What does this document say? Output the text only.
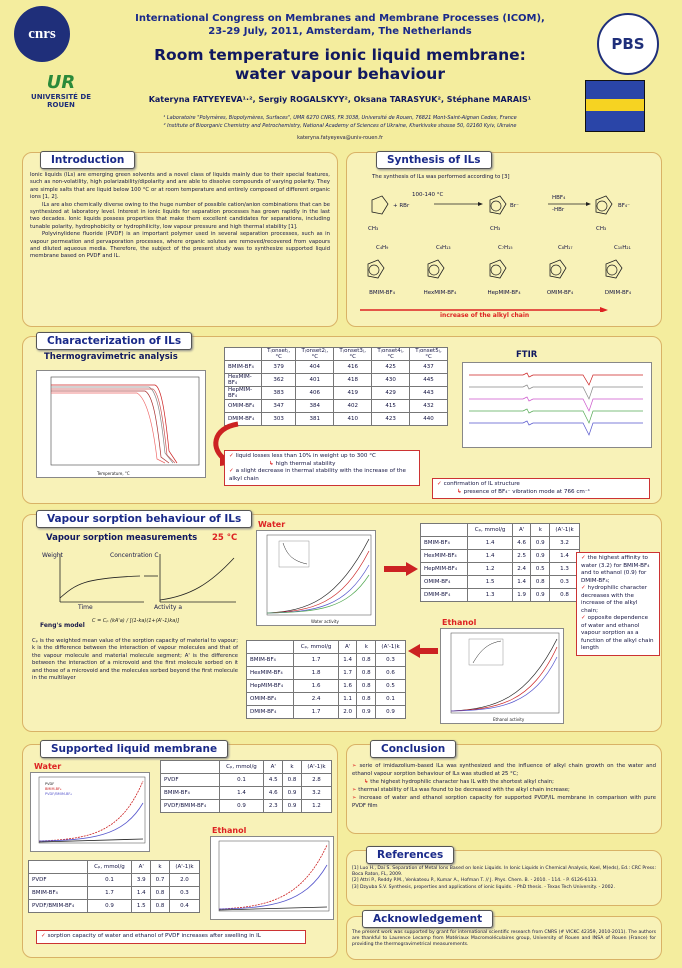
cnrs
PBS
UR
UNIVERSITÉ DE ROUEN
International Congress on Membranes and Membrane Processes (ICOM),
23-29 July, 2011, Amsterdam, The Netherlands
Room temperature ionic liquid membrane:
water vapour behaviour
Kateryna FATYEYEVA¹·², Sergiy ROGALSKYY², Oksana TARASYUK², Stéphane MARAIS¹
¹ Laboratoire "Polymères, Biopolymères, Surfaces", UMR 6270 CNRS, FR 3038, Université de Rouen, 76821 Mont-Saint-Aignan Cedex, France
² Institute of Bioorganic Chemistry and Petrochemistry, National Academy of Sciences of Ukraine, Kharkivske shosse 50, 02160 Kyiv, Ukraine
kateryna.fatyeyeva@univ-rouen.fr
Introduction

Ionic liquids (ILs) are emerging green solvents and a novel class of liquids mainly due to their special features, such as non-volatility, high polarizability/dipolarity and are able to dissolve compounds of varying polarity. They are simple salts that are liquid below 100 °C or at room temperature and entirely composed of different organic ions [1, 2].

ILs are also chemically diverse owing to the huge number of possible cation/anion combinations that can be synthesized at laboratory level. Interest in ionic liquids for separation processes has grown rapidly in the last two decades. Ionic liquids possess properties that make them excellent candidates for separations, including tunable polarity, hydrophobicity or hydrophilicity, low vapour pressure and high thermal stability [1].

Polyvinylidene fluoride (PVDF) is an important polymer used in several separation processes, such as in vapour permeation and pervaporation processes, where organic solutes are removed/recovered from vapours and diluted aqueous media. Therefore, the subject of the present study was to synthesize supported liquid membrane based on PVDF and IL.

Synthesis of ILs
The synthesis of ILs was performed according to [3]
100-140 °C
+ RBr	Br⁻
HBF₄
-HBr
BF₄⁻
CH₃	CH₃	CH₃
C₄H₉	C₆H₁₃	C₇H₁₅	C₈H₁₇	C₁₀H₂₁
BMIM-BF₄	HexMIM-BF₄	HepMIM-BF₄	OMIM-BF₄	DMIM-BF₄
increase of the alkyl chain
Characterization of ILs
Thermogravimetric analysis
Temperature, °C
	T₍onset₎,°C	T₍onset2₎,°C	T₍onset3₎,°C	T₍onset4₎,°C	T₍onset5₎,°C
BMIM-BF₄	379	404	416	425	437
HexMIM-BF₄	362	401	418	430	445
HepMIM-BF₄	383	406	419	429	443
OMIM-BF₄	347	384	402	415	432
DMIM-BF₄	303	381	410	423	440
✓ liquid losses less than 10% in weight up to 300 °C
↳ high thermal stability
✓ a slight decrease in thermal stability with the increase of the alkyl chain
FTIR
✓ confirmation of IL structure
↳ presence of BF₄⁻ vibration mode at 766 cm⁻¹
Vapour sorption behaviour of ILs
Vapour sorption measurements 25 °C
Weight	Concentration C
Time	Activity a
Feng's model
C = Cₚ (kA'a) / [(1-ka)(1+(A'-1)ka)]
Cₚ is the weighted mean value of the sorption capacity of material to vapour; k is the difference between the interaction of vapour molecules and that of the vapour molecule and material molecule segment; A' is the difference between the interaction of a microvoid and the first molecule sorbed on it and those of a microvoid and the molecules sorbed beyond the first molecule in the multilayer
Water
Water activity
	Cₚ, mmol/g	A'	k	(A'-1)k
BMIM-BF₄	1.4	4.6	0.9	3.2
HexMIM-BF₄	1.4	2.5	0.9	1.4
HepMIM-BF₄	1.2	2.4	0.5	1.3
OMIM-BF₄	1.5	1.4	0.8	0.3
DMIM-BF₄	1.3	1.9	0.9	0.8
Ethanol
Ethanol activity
	Cₚ, mmol/g	A'	k	(A'-1)k
BMIM-BF₄	1.7	1.4	0.8	0.3
HexMIM-BF₄	1.8	1.7	0.8	0.6
HepMIM-BF₄	1.6	1.6	0.8	0.5
OMIM-BF₄	2.4	1.1	0.8	0.1
DMIM-BF₄	1.7	2.0	0.9	0.9
✓ the highest affinity to water (3.2) for BMIM-BF₄ and to ethanol (0.9) for DMIM-BF₄;
✓ hydrophilic character decreases with the increase of the alkyl chain;
✓ opposite dependence of water and ethanol vapour sorption as a function of the alkyl chain length
Supported liquid membrane
Water
PVDF
BMIM-BF₄
PVDF/BMIM-BF₄
	Cₚ, mmol/g	A'	k	(A'-1)k
PVDF	0.1	4.5	0.8	2.8
BMIM-BF₄	1.4	4.6	0.9	3.2
PVDF/BMIM-BF₄	0.9	2.3	0.9	1.2
Ethanol
	Cₚ, mmol/g	A'	k	(A'-1)k
PVDF	0.1	3.9	0.7	2.0
BMIM-BF₄	1.7	1.4	0.8	0.3
PVDF/BMIM-BF₄	0.9	1.5	0.8	0.4
✓ sorption capacity of water and ethanol of PVDF increases after swelling in IL
Conclusion
➢ serie of imidazolium-based ILs was synthesized and the influence of alkyl chain growth on the water and ethanol vapour sorption behaviour of ILs was studied at 25 °C;
↳ the highest hydrophilic character has IL with the shortest alkyl chain;
➢ thermal stability of ILs was found to be decreased with the alkyl chain increase;
➢ increase of water and ethanol sorption capacity for supported PVDF/IL membrane in comparison with pure PVDF film
References
[1] Luo H., Dai S. Separation of Metal Ions Based on Ionic Liquids. In Ionic Liquids in Chemical Analysis, Koel, M(eds), Ed.: CRC Press: Boca Raton, FL, 2009.
[2] Attri P., Reddy P.M., Venkatesu P., Kumar A., Hofman T. // J. Phys. Chem. B. - 2010. - 114. - P. 6126-6133.
[3] Dzyuba S.V. Synthesis, properties and applications of ionic liquids. - PhD thesis. - Texas Tech University. - 2002.
Acknowledgement
The present work was supported by grant for international scientific research from CNRS (# VICKC 42359, 2010-2011). The authors are thankful to Laurence Lecamp from Matériaux Macromoléculaires group, University of Rouen and INSA of Rouen (France) for providing the thermogravimetrical measurements.
